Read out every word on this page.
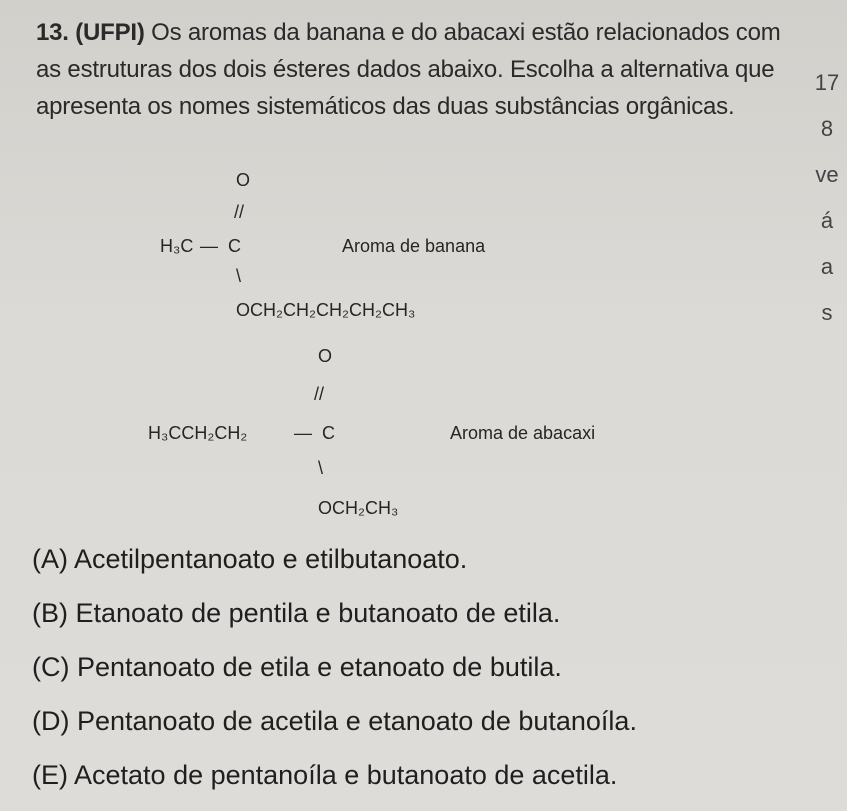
13. (UFPI) Os aromas da banana e do abacaxi estão relacionados com as estruturas dos dois ésteres dados abaixo. Escolha a alternativa que apresenta os nomes sistemáticos das duas substâncias orgânicas.
17
8
ve
á
a
s
O
//
H₃C — C
\
OCH₂CH₂CH₂CH₂CH₃
Aroma de banana
O
//
H₃CCH₂CH₂	— C
\
OCH₂CH₃
Aroma de abacaxi
(A) Acetilpentanoato e etilbutanoato.
(B) Etanoato de pentila e butanoato de etila.
(C) Pentanoato de etila e etanoato de butila.
(D) Pentanoato de acetila e etanoato de butanoíla.
(E) Acetato de pentanoíla e butanoato de acetila.
